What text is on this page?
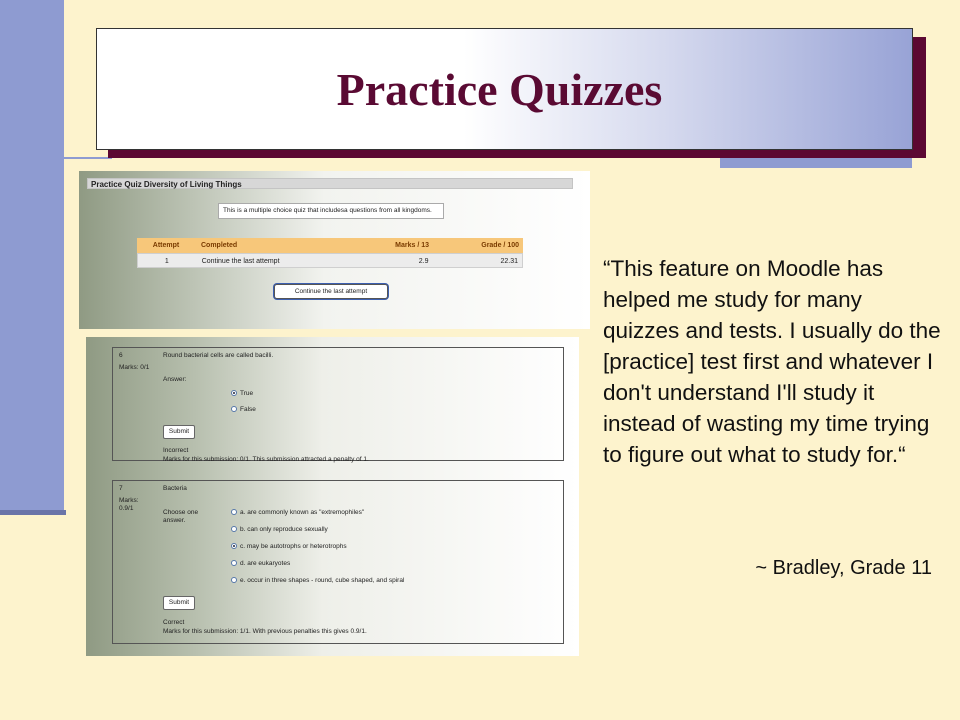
Practice Quizzes
Practice Quiz Diversity of Living Things
This is a multiple choice quiz that includesa questions from all kingdoms.
Attempt	Completed	Marks / 13	Grade / 100
1	Continue the last attempt	2.9	22.31
Continue the last attempt
6
Marks: 0/1
Round bacterial cells are called bacilli.
Answer:
True
False
Submit
Incorrect
Marks for this submission: 0/1. This submission attracted a penalty of 1.
7
Marks: 0.9/1
Bacteria
Choose one answer.
a. are commonly known as "extremophiles"
b. can only reproduce sexually
c. may be autotrophs or heterotrophs
d. are eukaryotes
e. occur in three shapes - round, cube shaped, and spiral
Submit
Correct
Marks for this submission: 1/1. With previous penalties this gives 0.9/1.
“This feature on Moodle has helped me study for many quizzes and tests. I usually do the [practice] test first and whatever I don't understand I'll study it instead of wasting my time trying to figure out what to study for.“
~ Bradley, Grade 11
